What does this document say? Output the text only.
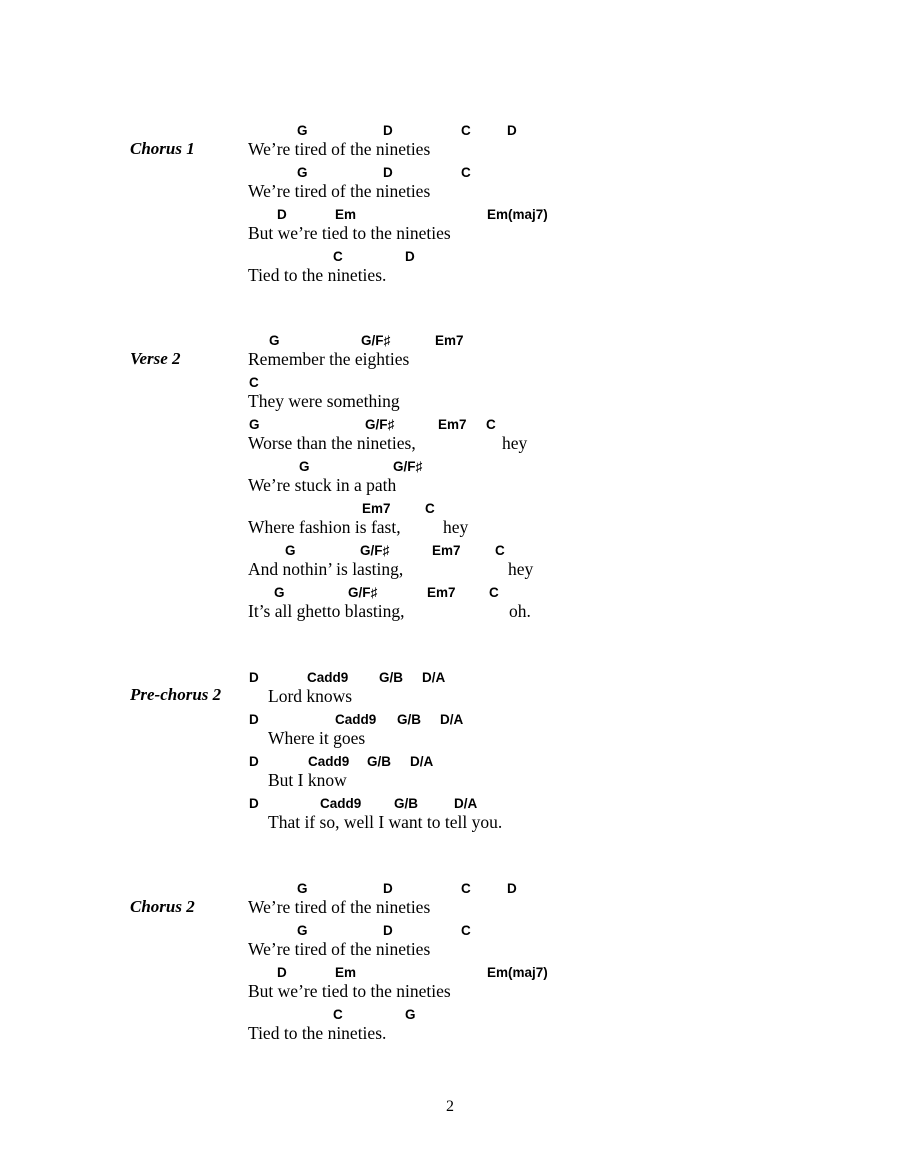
Chorus 1
G	D	C	D
We’re tired of the nineties
G	D	C
We’re tired of the nineties
D	Em	Em(maj7)
But we’re tied to the nineties
C	D
Tied to the nineties.
Verse 2
G	G/F♯	Em7
Remember the eighties
C
They were something
G	G/F♯	Em7 C
Worse than the nineties,	hey
G	G/F♯
We’re stuck in a path
Em7	C
Where fashion is fast, hey
G	G/F♯	Em7	C
And nothin’ is lasting,	hey
G	G/F♯	Em7 C
It’s all ghetto blasting,	oh.
Pre-chorus 2
D	Cadd9 G/B D/A
Lord knows
D	Cadd9 G/B D/A
Where it goes
D	Cadd9 G/B D/A
But I know
D	Cadd9 G/B	D/A
That if so, well I want to tell you.
Chorus 2
G	D	C	D
We’re tired of the nineties
G	D	C
We’re tired of the nineties
D	Em	Em(maj7)
But we’re tied to the nineties
C	G
Tied to the nineties.
2
